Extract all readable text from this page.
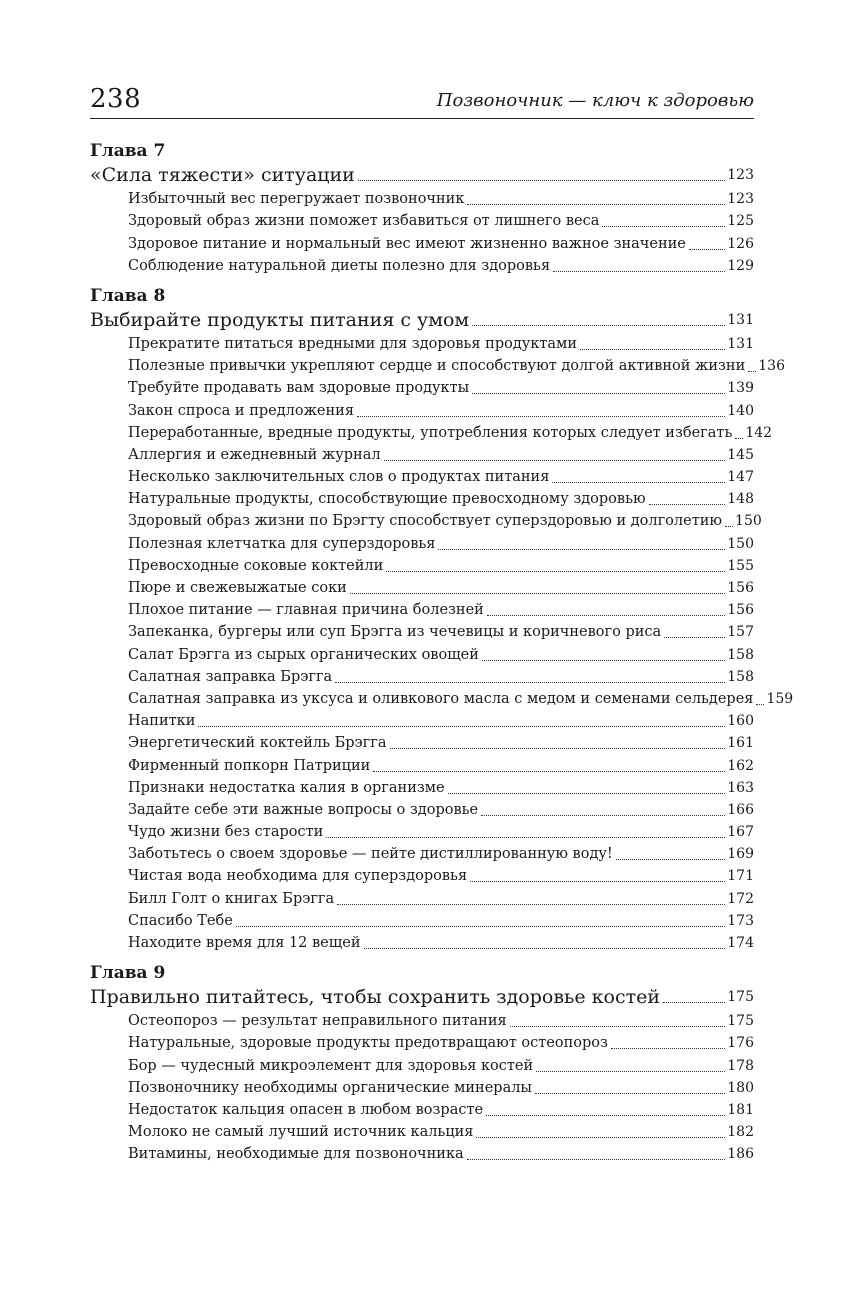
238	Позвоночник — ключ к здоровью
Глава 7
«Сила тяжести» ситуации	123
Избыточный вес перегружает позвоночник	123
Здоровый образ жизни поможет избавиться от лишнего веса	125
Здоровое питание и нормальный вес имеют жизненно важное значение	126
Соблюдение натуральной диеты полезно для здоровья	129
Глава 8
Выбирайте продукты питания с умом	131
Прекратите питаться вредными для здоровья продуктами	131
Полезные привычки укрепляют сердце и способствуют долгой активной жизни 136
Требуйте продавать вам здоровые продукты	139
Закон спроса и предложения	140
Переработанные, вредные продукты, употребления которых следует избегать 142
Аллергия и ежедневный журнал	145
Несколько заключительных слов о продуктах питания	147
Натуральные продукты, способствующие превосходному здоровью	148
Здоровый образ жизни по Брэгту способствует суперздоровью и долголетию 150
Полезная клетчатка для суперздоровья	150
Превосходные соковые коктейли	155
Пюре и свежевыжатые соки	156
Плохое питание — главная причина болезней	156
Запеканка, бургеры или суп Брэгга из чечевицы и коричневого риса	157
Салат Брэгга из сырых органических овощей	158
Салатная заправка Брэгга	158
Салатная заправка из уксуса и оливкового масла с медом и семенами сельдерея 159
Напитки	160
Энергетический коктейль Брэгга	161
Фирменный попкорн Патриции	162
Признаки недостатка калия в организме	163
Задайте себе эти важные вопросы о здоровье	166
Чудо жизни без старости	167
Заботьтесь о своем здоровье — пейте дистиллированную воду!	169
Чистая вода необходима для суперздоровья	171
Билл Голт о книгах Брэгга	172
Спасибо Тебе	173
Находите время для 12 вещей	174
Глава 9
Правильно питайтесь, чтобы сохранить здоровье костей	175
Остеопороз — результат неправильного питания	175
Натуральные, здоровые продукты предотвращают остеопороз	176
Бор — чудесный микроэлемент для здоровья костей	178
Позвоночнику необходимы органические минералы	180
Недостаток кальция опасен в любом возрасте	181
Молоко не самый лучший источник кальция	182
Витамины, необходимые для позвоночника	186
